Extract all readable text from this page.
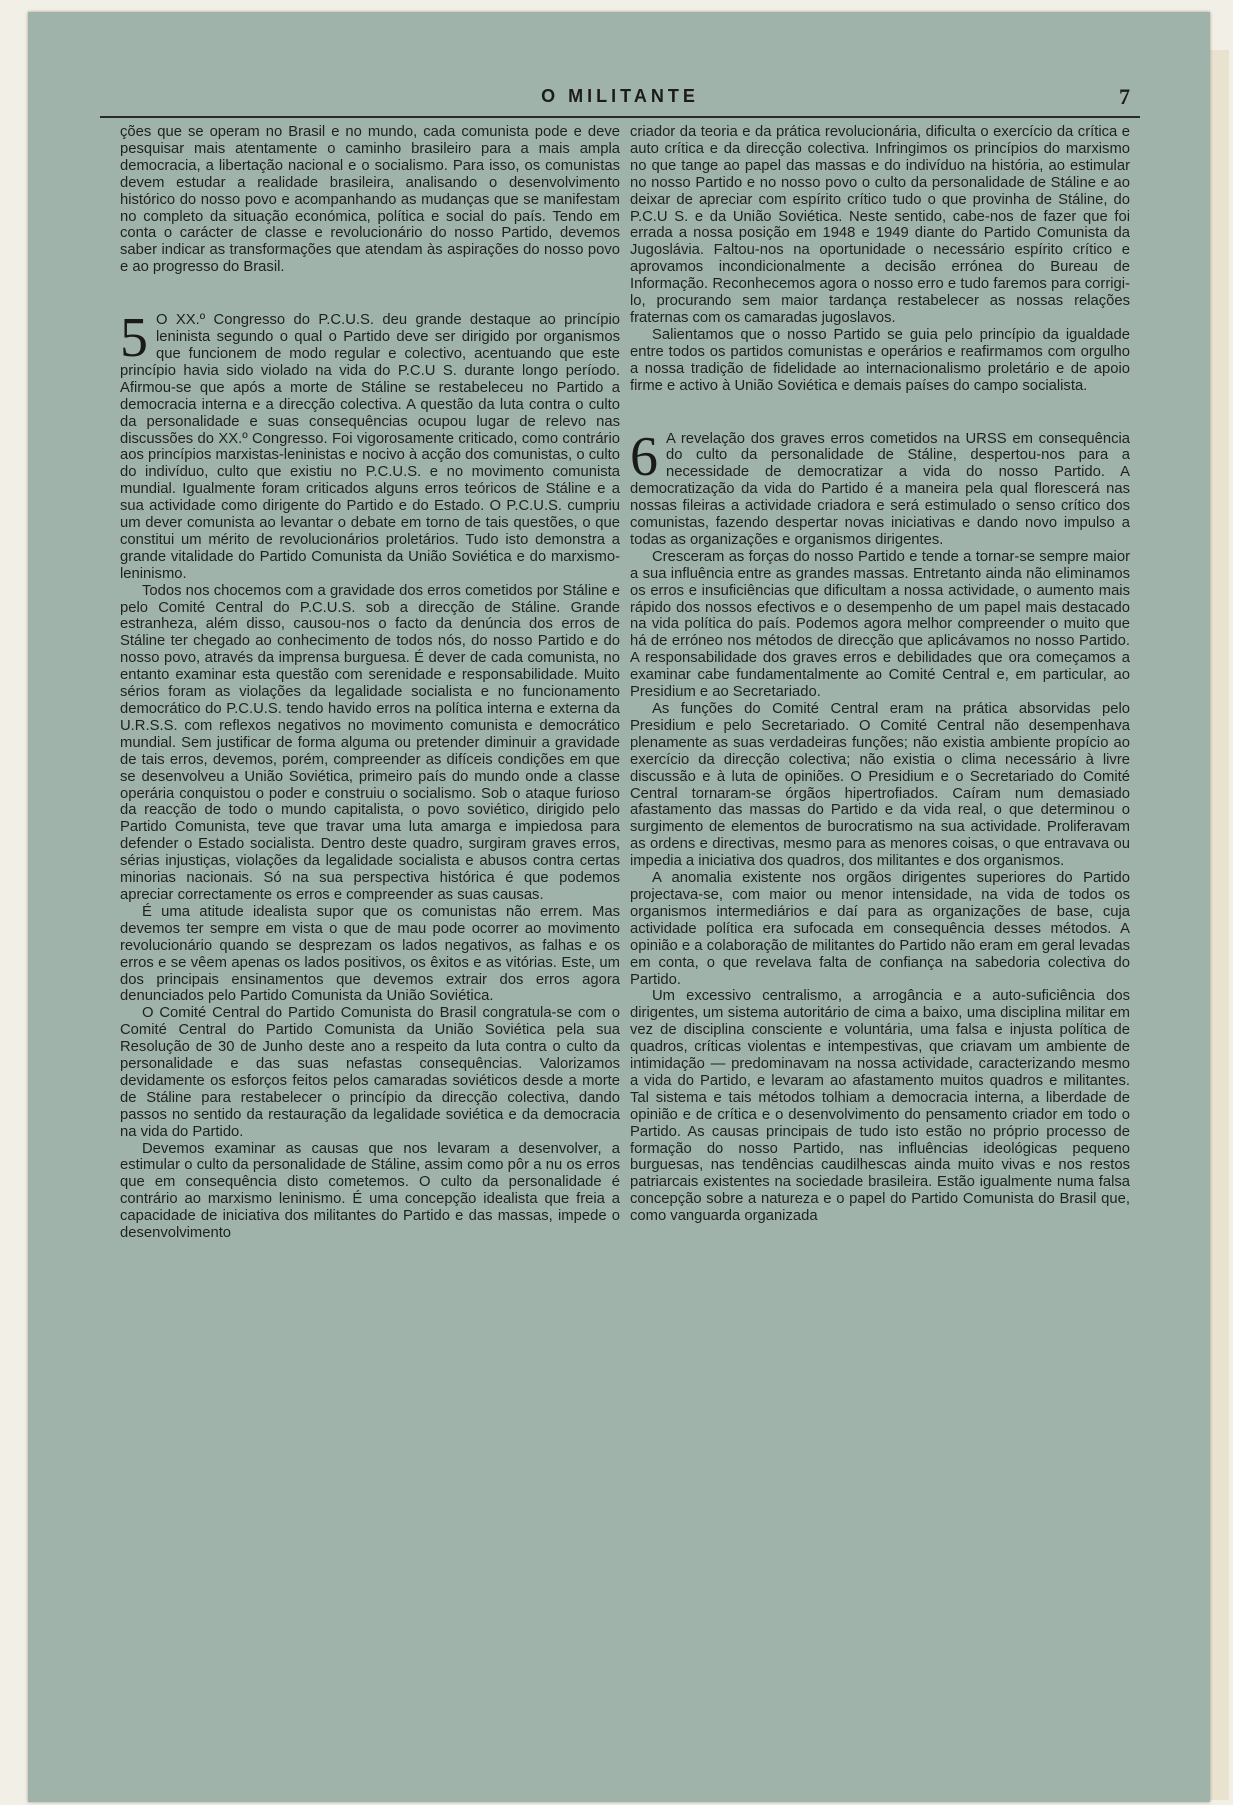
O MILITANTE	7

ções que se operam no Brasil e no mundo, cada comunista pode e deve pesquisar mais atentamente o caminho brasileiro para a mais ampla democracia, a libertação nacional e o socialismo. Para isso, os comunistas devem estudar a realidade brasileira, analisando o desenvolvimento histórico do nosso povo e acompanhando as mudanças que se manifestam no completo da situação económica, política e social do país. Tendo em conta o carácter de classe e revolucionário do nosso Partido, devemos saber indicar as transformações que atendam às aspirações do nosso povo e ao progresso do Brasil.

5 O XX.º Congresso do P.C.U.S. deu grande destaque ao princípio leninista segundo o qual o Partido deve ser dirigido por organismos que funcionem de modo regular e colectivo, acentuando que este princípio havia sido violado na vida do P.C.U S. durante longo período. Afirmou-se que após a morte de Stáline se restabeleceu no Partido a democracia interna e a direcção colectiva. A questão da luta contra o culto da personalidade e suas consequências ocupou lugar de relevo nas discussões do XX.º Congresso. Foi vigorosamente criticado, como contrário aos princípios marxistas-leninistas e nocivo à acção dos comunistas, o culto do indivíduo, culto que existiu no P.C.U.S. e no movimento comunista mundial. Igualmente foram criticados alguns erros teóricos de Stáline e a sua actividade como dirigente do Partido e do Estado. O P.C.U.S. cumpriu um dever comunista ao levantar o debate em torno de tais questões, o que constitui um mérito de revolucionários proletários. Tudo isto demonstra a grande vitalidade do Partido Comunista da União Soviética e do marxismo-leninismo.

Todos nos chocemos com a gravidade dos erros cometidos por Stáline e pelo Comité Central do P.C.U.S. sob a direcção de Stáline. Grande estranheza, além disso, causou-nos o facto da denúncia dos erros de Stáline ter chegado ao conhecimento de todos nós, do nosso Partido e do nosso povo, através da imprensa burguesa. É dever de cada comunista, no entanto examinar esta questão com serenidade e responsabilidade. Muito sérios foram as violações da legalidade socialista e no funcionamento democrático do P.C.U.S. tendo havido erros na política interna e externa da U.R.S.S. com reflexos negativos no movimento comunista e democrático mundial. Sem justificar de forma alguma ou pretender diminuir a gravidade de tais erros, devemos, porém, compreender as difíceis condições em que se desenvolveu a União Soviética, primeiro país do mundo onde a classe operária conquistou o poder e construiu o socialismo. Sob o ataque furioso da reacção de todo o mundo capitalista, o povo soviético, dirigido pelo Partido Comunista, teve que travar uma luta amarga e impiedosa para defender o Estado socialista. Dentro deste quadro, surgiram graves erros, sérias injustiças, violações da legalidade socialista e abusos contra certas minorias nacionais. Só na sua perspectiva histórica é que podemos apreciar correctamente os erros e compreender as suas causas.

É uma atitude idealista supor que os comunistas não errem. Mas devemos ter sempre em vista o que de mau pode ocorrer ao movimento revolucionário quando se desprezam os lados negativos, as falhas e os erros e se vêem apenas os lados positivos, os êxitos e as vitórias. Este, um dos principais ensinamentos que devemos extrair dos erros agora denunciados pelo Partido Comunista da União Soviética.

O Comité Central do Partido Comunista do Brasil congratula-se com o Comité Central do Partido Comunista da União Soviética pela sua Resolução de 30 de Junho deste ano a respeito da luta contra o culto da personalidade e das suas nefastas consequências. Valorizamos devidamente os esforços feitos pelos camaradas soviéticos desde a morte de Stáline para restabelecer o princípio da direcção colectiva, dando passos no sentido da restauração da legalidade soviética e da democracia na vida do Partido.

Devemos examinar as causas que nos levaram a desenvolver, a estimular o culto da personalidade de Stáline, assim como pôr a nu os erros que em consequência disto cometemos. O culto da personalidade é contrário ao marxismo leninismo. É uma concepção idealista que freia a capacidade de iniciativa dos militantes do Partido e das massas, impede o desenvolvimento

criador da teoria e da prática revolucionária, dificulta o exercício da crítica e auto crítica e da direcção colectiva. Infringimos os princípios do marxismo no que tange ao papel das massas e do indivíduo na história, ao estimular no nosso Partido e no nosso povo o culto da personalidade de Stáline e ao deixar de apreciar com espírito crítico tudo o que provinha de Stáline, do P.C.U S. e da União Soviética. Neste sentido, cabe-nos de fazer que foi errada a nossa posição em 1948 e 1949 diante do Partido Comunista da Jugoslávia. Faltou-nos na oportunidade o necessário espírito crítico e aprovamos incondicionalmente a decisão errónea do Bureau de Informação. Reconhecemos agora o nosso erro e tudo faremos para corrigi-lo, procurando sem maior tardança restabelecer as nossas relações fraternas com os camaradas jugoslavos.

Salientamos que o nosso Partido se guia pelo princípio da igualdade entre todos os partidos comunistas e operários e reafirmamos com orgulho a nossa tradição de fidelidade ao internacionalismo proletário e de apoio firme e activo à União Soviética e demais países do campo socialista.

6 A revelação dos graves erros cometidos na URSS em consequência do culto da personalidade de Stáline, despertou-nos para a necessidade de democratizar a vida do nosso Partido. A democratização da vida do Partido é a maneira pela qual florescerá nas nossas fileiras a actividade criadora e será estimulado o senso crítico dos comunistas, fazendo despertar novas iniciativas e dando novo impulso a todas as organizações e organismos dirigentes.

Cresceram as forças do nosso Partido e tende a tornar-se sempre maior a sua influência entre as grandes massas. Entretanto ainda não eliminamos os erros e insuficiências que dificultam a nossa actividade, o aumento mais rápido dos nossos efectivos e o desempenho de um papel mais destacado na vida política do país. Podemos agora melhor compreender o muito que há de erróneo nos métodos de direcção que aplicávamos no nosso Partido. A responsabilidade dos graves erros e debilidades que ora começamos a examinar cabe fundamentalmente ao Comité Central e, em particular, ao Presidium e ao Secretariado.

As funções do Comité Central eram na prática absorvidas pelo Presidium e pelo Secretariado. O Comité Central não desempenhava plenamente as suas verdadeiras funções; não existia ambiente propício ao exercício da direcção colectiva; não existia o clima necessário à livre discussão e à luta de opiniões. O Presidium e o Secretariado do Comité Central tornaram-se órgãos hipertrofiados. Caíram num demasiado afastamento das massas do Partido e da vida real, o que determinou o surgimento de elementos de burocratismo na sua actividade. Proliferavam as ordens e directivas, mesmo para as menores coisas, o que entravava ou impedia a iniciativa dos quadros, dos militantes e dos organismos.

A anomalia existente nos orgãos dirigentes superiores do Partido projectava-se, com maior ou menor intensidade, na vida de todos os organismos intermediários e daí para as organizações de base, cuja actividade política era sufocada em consequência desses métodos. A opinião e a colaboração de militantes do Partido não eram em geral levadas em conta, o que revelava falta de confiança na sabedoria colectiva do Partido.

Um excessivo centralismo, a arrogância e a auto-suficiência dos dirigentes, um sistema autoritário de cima a baixo, uma disciplina militar em vez de disciplina consciente e voluntária, uma falsa e injusta política de quadros, críticas violentas e intempestivas, que criavam um ambiente de intimidação — predominavam na nossa actividade, caracterizando mesmo a vida do Partido, e levaram ao afastamento muitos quadros e militantes. Tal sistema e tais métodos tolhiam a democracia interna, a liberdade de opinião e de crítica e o desenvolvimento do pensamento criador em todo o Partido. As causas principais de tudo isto estão no próprio processo de formação do nosso Partido, nas influências ideológicas pequeno burguesas, nas tendências caudilhescas ainda muito vivas e nos restos patriarcais existentes na sociedade brasileira. Estão igualmente numa falsa concepção sobre a natureza e o papel do Partido Comunista do Brasil que, como vanguarda organizada
